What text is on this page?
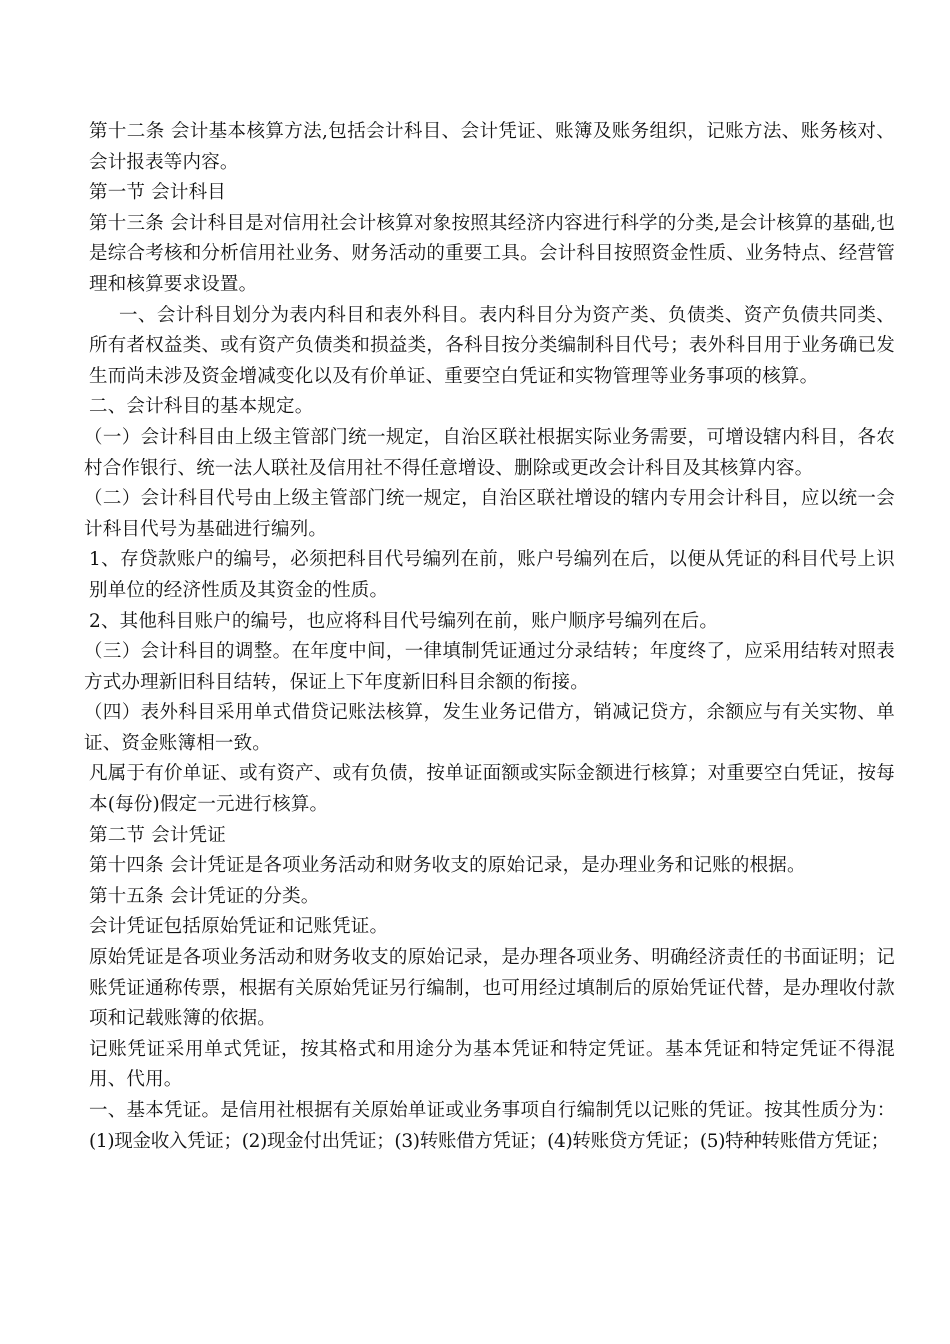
第十二条 会计基本核算方法,包括会计科目、会计凭证、账簿及账务组织，记账方法、账务核对、会计报表等内容。

第一节 会计科目

第十三条 会计科目是对信用社会计核算对象按照其经济内容进行科学的分类,是会计核算的基础,也是综合考核和分析信用社业务、财务活动的重要工具。会计科目按照资金性质、业务特点、经营管理和核算要求设置。

一、会计科目划分为表内科目和表外科目。表内科目分为资产类、负债类、资产负债共同类、所有者权益类、或有资产负债类和损益类，各科目按分类编制科目代号；表外科目用于业务确已发生而尚未涉及资金增减变化以及有价单证、重要空白凭证和实物管理等业务事项的核算。

二、会计科目的基本规定。

（一）会计科目由上级主管部门统一规定，自治区联社根据实际业务需要，可增设辖内科目，各农村合作银行、统一法人联社及信用社不得任意增设、删除或更改会计科目及其核算内容。

（二）会计科目代号由上级主管部门统一规定，自治区联社增设的辖内专用会计科目，应以统一会计科目代号为基础进行编列。

1、存贷款账户的编号，必须把科目代号编列在前，账户号编列在后，以便从凭证的科目代号上识别单位的经济性质及其资金的性质。

2、其他科目账户的编号，也应将科目代号编列在前，账户顺序号编列在后。

（三）会计科目的调整。在年度中间，一律填制凭证通过分录结转；年度终了，应采用结转对照表方式办理新旧科目结转，保证上下年度新旧科目余额的衔接。

（四）表外科目采用单式借贷记账法核算，发生业务记借方，销减记贷方，余额应与有关实物、单证、资金账簿相一致。

凡属于有价单证、或有资产、或有负债，按单证面额或实际金额进行核算；对重要空白凭证，按每本(每份)假定一元进行核算。

第二节 会计凭证

第十四条 会计凭证是各项业务活动和财务收支的原始记录，是办理业务和记账的根据。

第十五条 会计凭证的分类。

会计凭证包括原始凭证和记账凭证。

原始凭证是各项业务活动和财务收支的原始记录，是办理各项业务、明确经济责任的书面证明；记账凭证通称传票，根据有关原始凭证另行编制，也可用经过填制后的原始凭证代替，是办理收付款项和记载账簿的依据。

记账凭证采用单式凭证，按其格式和用途分为基本凭证和特定凭证。基本凭证和特定凭证不得混用、代用。

一、基本凭证。是信用社根据有关原始单证或业务事项自行编制凭以记账的凭证。按其性质分为：(1)现金收入凭证；(2)现金付出凭证；(3)转账借方凭证；(4)转账贷方凭证；(5)特种转账借方凭证；
